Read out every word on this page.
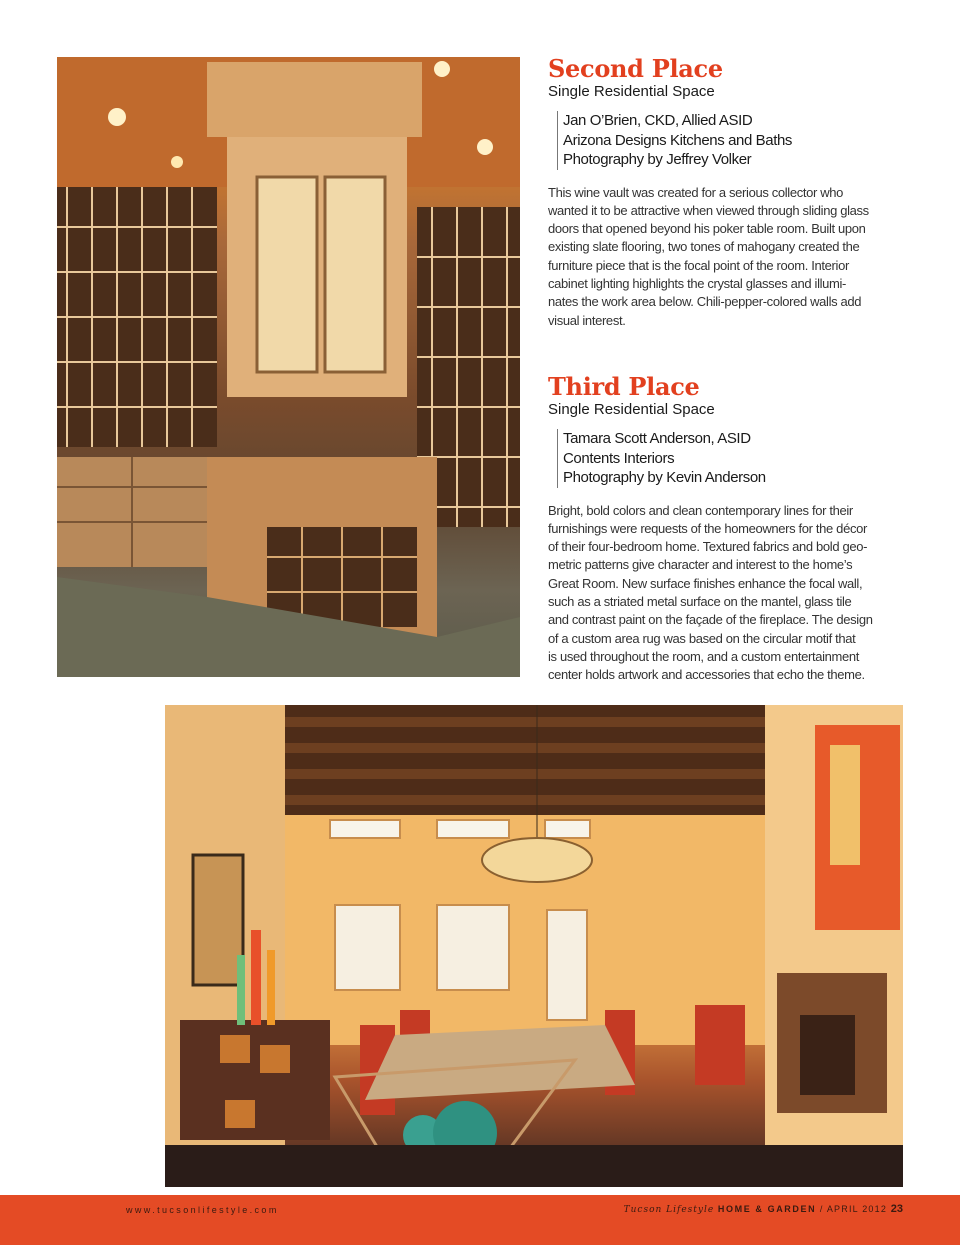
Second Place
Single Residential Space
Jan O’Brien, CKD, Allied ASID
Arizona Designs Kitchens and Baths
Photography by Jeffrey Volker

This wine vault was created for a serious collector who
wanted it to be attractive when viewed through sliding glass
doors that opened beyond his poker table room. Built upon
existing slate flooring, two tones of mahogany created the
furniture piece that is the focal point of the room. Interior
cabinet lighting highlights the crystal glasses and illumi-
nates the work area below. Chili-pepper-colored walls add
visual interest.

Third Place
Single Residential Space
Tamara Scott Anderson, ASID
Contents Interiors
Photography by Kevin Anderson

Bright, bold colors and clean contemporary lines for their
furnishings were requests of the homeowners for the décor
of their four-bedroom home. Textured fabrics and bold geo-
metric patterns give character and interest to the home’s
Great Room. New surface finishes enhance the focal wall,
such as a striated metal surface on the mantel, glass tile
and contrast paint on the façade of the fireplace. The design
of a custom area rug was based on the circular motif that
is used throughout the room, and a custom entertainment
center holds artwork and accessories that echo the theme.

www.tucsonlifestyle.com	Tucson Lifestyle HOME & GARDEN / APRIL 2012 23
